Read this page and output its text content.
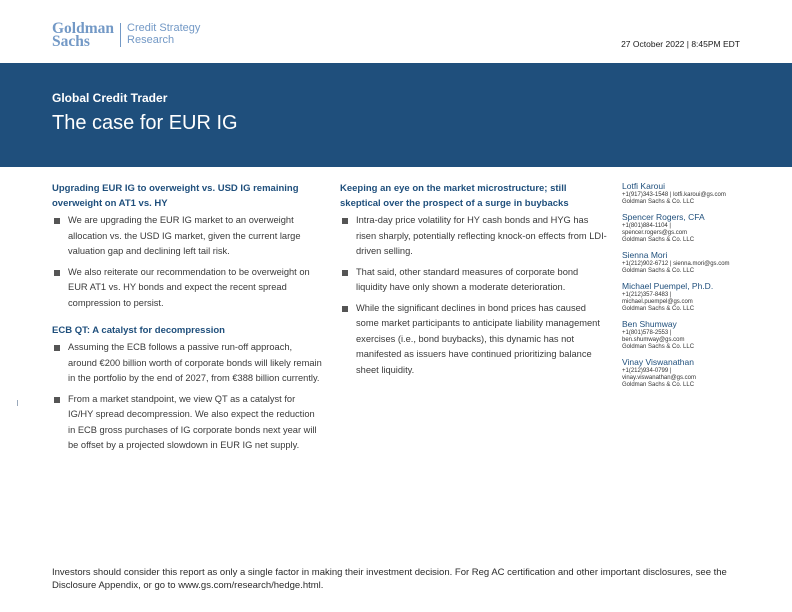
Goldman
Sachs
Credit Strategy
Research	27 October 2022 | 8:45PM EDT
Global Credit Trader
The case for EUR IG
Upgrading EUR IG to overweight vs. USD IG remaining overweight on AT1 vs. HY
We are upgrading the EUR IG market to an overweight allocation vs. the USD IG market, given the current large valuation gap and declining left tail risk.
We also reiterate our recommendation to be overweight on EUR AT1 vs. HY bonds and expect the recent spread compression to persist.
ECB QT: A catalyst for decompression
Assuming the ECB follows a passive run-off approach, around €200 billion worth of corporate bonds will likely remain in the portfolio by the end of 2027, from €388 billion currently.
From a market standpoint, we view QT as a catalyst for IG/HY spread decompression. We also expect the reduction in ECB gross purchases of IG corporate bonds next year will be offset by a projected slowdown in EUR IG net supply.
Keeping an eye on the market microstructure; still skeptical over the prospect of a surge in buybacks
Intra-day price volatility for HY cash bonds and HYG has risen sharply, potentially reflecting knock-on effects from LDI-driven selling.
That said, other standard measures of corporate bond liquidity have only shown a moderate deterioration.
While the significant declines in bond prices has caused some market participants to anticipate liability management exercises (i.e., bond buybacks), this dynamic has not manifested as issuers have continued prioritizing balance sheet liquidity.
Lotfi Karoui
+1(917)343-1548 | lotfi.karoui@gs.com
Goldman Sachs & Co. LLC
Spencer Rogers, CFA
+1(801)884-1104 |
spencer.rogers@gs.com
Goldman Sachs & Co. LLC
Sienna Mori
+1(212)902-6712 | sienna.mori@gs.com
Goldman Sachs & Co. LLC
Michael Puempel, Ph.D.
+1(212)357-8483 |
michael.puempel@gs.com
Goldman Sachs & Co. LLC
Ben Shumway
+1(801)578-2553 |
ben.shumway@gs.com
Goldman Sachs & Co. LLC
Vinay Viswanathan
+1(212)934-0799 |
vinay.viswanathan@gs.com
Goldman Sachs & Co. LLC
Investors should consider this report as only a single factor in making their investment decision. For Reg AC certification and other important disclosures, see the Disclosure Appendix, or go to www.gs.com/research/hedge.html.
